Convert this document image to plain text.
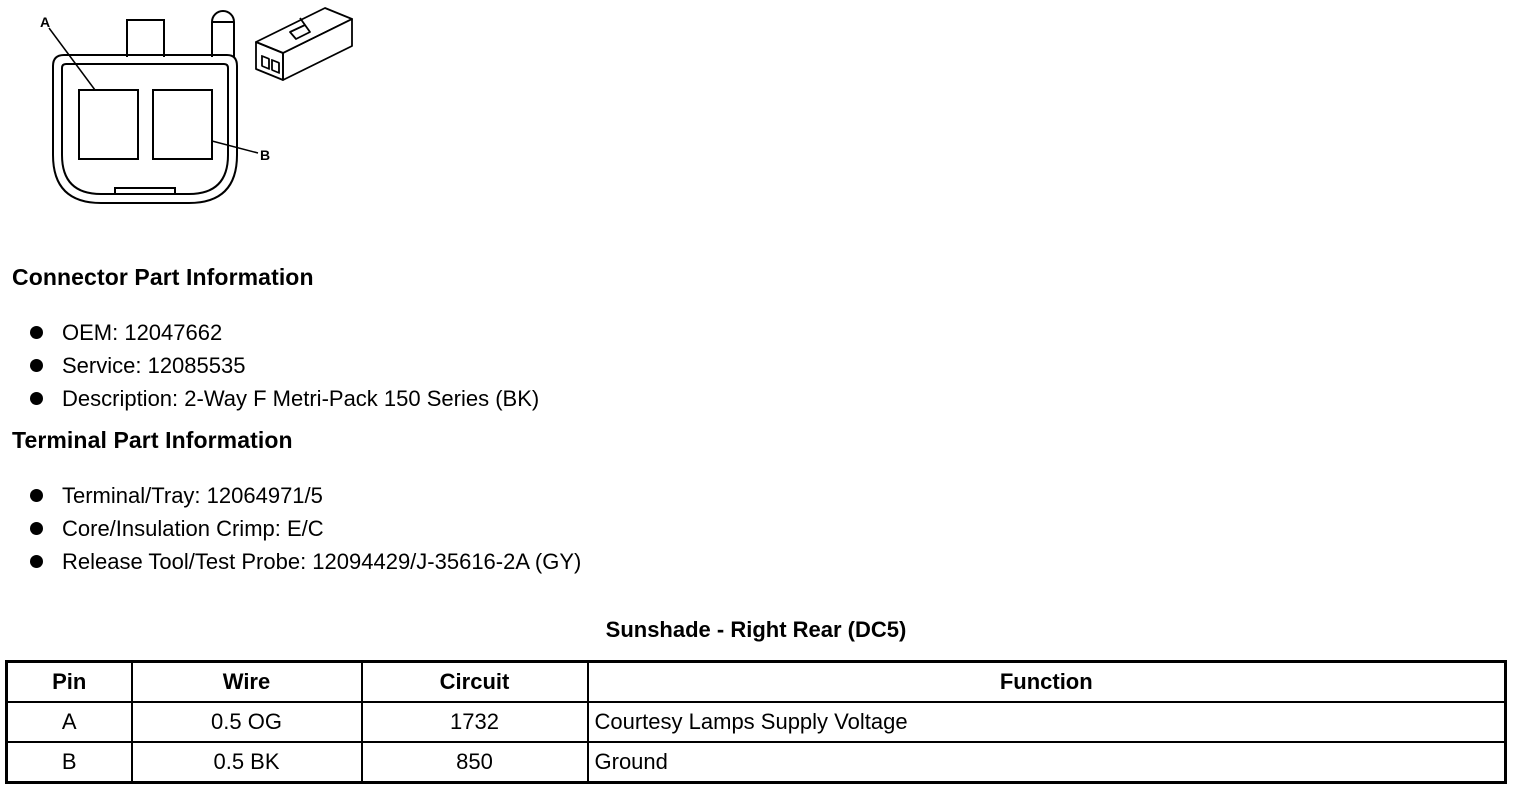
A
B
Connector Part Information
OEM: 12047662
Service: 12085535
Description: 2-Way F Metri-Pack 150 Series (BK)
Terminal Part Information
Terminal/Tray: 12064971/5
Core/Insulation Crimp: E/C
Release Tool/Test Probe: 12094429/J-35616-2A (GY)
Sunshade - Right Rear (DC5)
Pin	Wire	Circuit	Function
A	0.5 OG	1732	Courtesy Lamps Supply Voltage
B	0.5 BK	850	Ground
